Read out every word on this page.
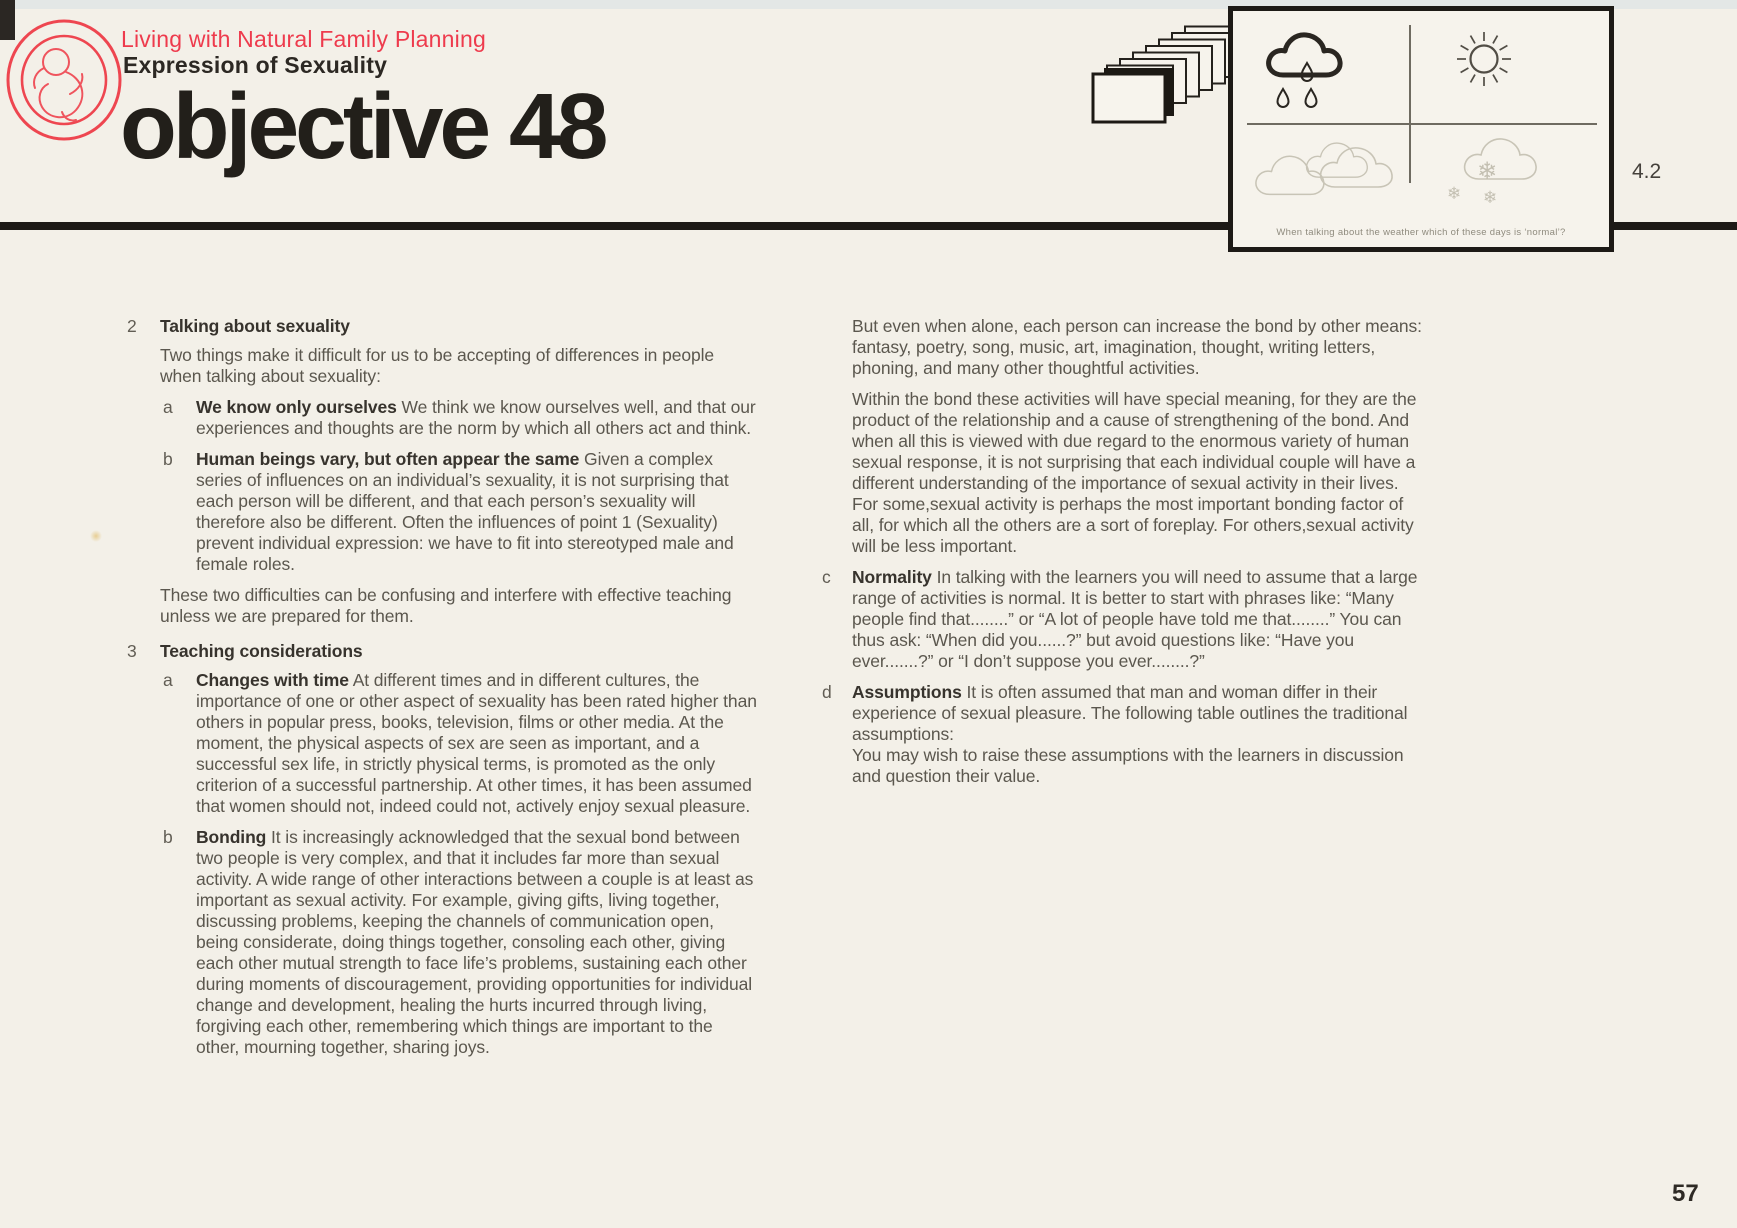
Living with Natural Family Planning
Expression of Sexuality
objective 48	❄
❄ ❄
When talking about the weather which of these days is ‘normal’?
4.2
2	Talking about sexuality
Two things make it difficult for us to be accepting of differences in people when talking about sexuality:
a	We know only ourselves We think we know ourselves well, and that our experiences and thoughts are the norm by which all others act and think.
b	Human beings vary, but often appear the same Given a complex series of influences on an individual’s sexuality, it is not surprising that each person will be different, and that each person’s sexuality will therefore also be different. Often the influences of point 1 (Sexuality) prevent individual expression: we have to fit into stereotyped male and female roles.
These two difficulties can be confusing and interfere with effective teaching unless we are prepared for them.
3	Teaching considerations
a	Changes with time At different times and in different cultures, the importance of one or other aspect of sexuality has been rated higher than others in popular press, books, television, films or other media. At the moment, the physical aspects of sex are seen as important, and a successful sex life, in strictly physical terms, is promoted as the only criterion of a successful partnership. At other times, it has been assumed that women should not, indeed could not, actively enjoy sexual pleasure.
b	Bonding It is increasingly acknowledged that the sexual bond between two people is very complex, and that it includes far more than sexual activity. A wide range of other interactions between a couple is at least as important as sexual activity. For example, giving gifts, living together, discussing problems, keeping the channels of communication open, being considerate, doing things together, consoling each other, giving each other mutual strength to face life’s problems, sustaining each other during moments of discouragement, providing opportunities for individual change and development, healing the hurts incurred through living, forgiving each other, remembering which things are important to the other, mourning together, sharing joys.
But even when alone, each person can increase the bond by other means: fantasy, poetry, song, music, art, imagination, thought, writing letters, phoning, and many other thoughtful activities.
Within the bond these activities will have special meaning, for they are the product of the relationship and a cause of strengthening of the bond. And when all this is viewed with due regard to the enormous variety of human sexual response, it is not surprising that each individual couple will have a different understanding of the importance of sexual activity in their lives. For some,sexual activity is perhaps the most important bonding factor of all, for which all the others are a sort of foreplay. For others,sexual activity will be less important.
c	Normality In talking with the learners you will need to assume that a large range of activities is normal. It is better to start with phrases like: “Many people find that........” or “A lot of people have told me that........” You can thus ask: “When did you......?” but avoid questions like: “Have you ever.......?” or “I don’t suppose you ever........?”
d	Assumptions It is often assumed that man and woman differ in their experience of sexual pleasure. The following table outlines the traditional assumptions:
You may wish to raise these assumptions with the learners in discussion and question their value.
57
